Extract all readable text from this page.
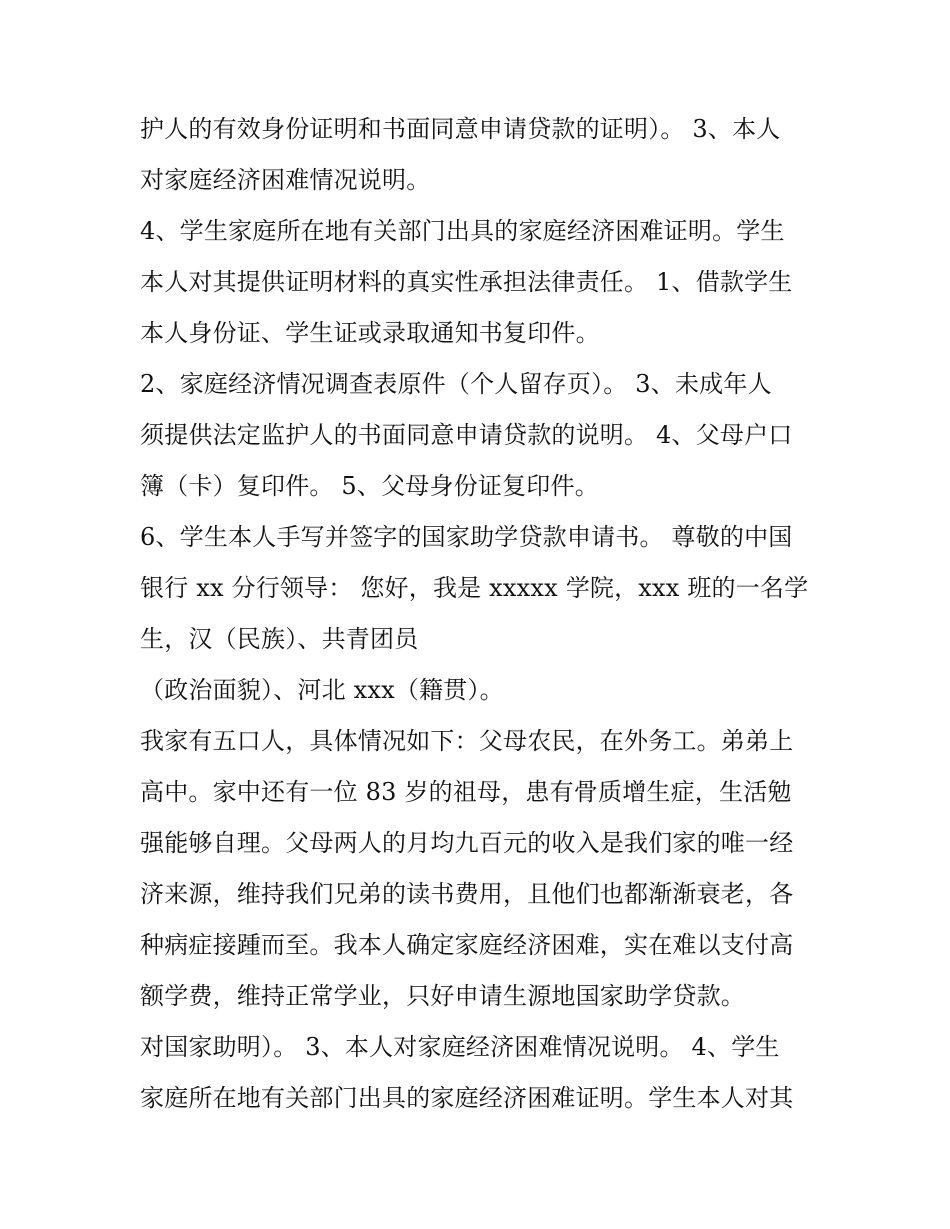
护人的有效身份证明和书面同意申请贷款的证明）。 3、本人
对家庭经济困难情况说明。
4、学生家庭所在地有关部门出具的家庭经济困难证明。学生
本人对其提供证明材料的真实性承担法律责任。 1、借款学生
本人身份证、学生证或录取通知书复印件。
2、家庭经济情况调查表原件（个人留存页）。 3、未成年人
须提供法定监护人的书面同意申请贷款的说明。 4、父母户口
簿（卡）复印件。 5、父母身份证复印件。
6、学生本人手写并签字的国家助学贷款申请书。 尊敬的中国
银行 xx 分行领导： 您好，我是 xxxxx 学院，xxx 班的一名学
生，汉（民族）、共青团员
（政治面貌）、河北 xxx（籍贯）。
我家有五口人，具体情况如下：父母农民，在外务工。弟弟上
高中。家中还有一位 83 岁的祖母，患有骨质增生症，生活勉
强能够自理。父母两人的月均九百元的收入是我们家的唯一经
济来源，维持我们兄弟的读书费用，且他们也都渐渐衰老，各
种病症接踵而至。我本人确定家庭经济困难，实在难以支付高
额学费，维持正常学业，只好申请生源地国家助学贷款。
对国家助明）。 3、本人对家庭经济困难情况说明。 4、学生
家庭所在地有关部门出具的家庭经济困难证明。学生本人对其
